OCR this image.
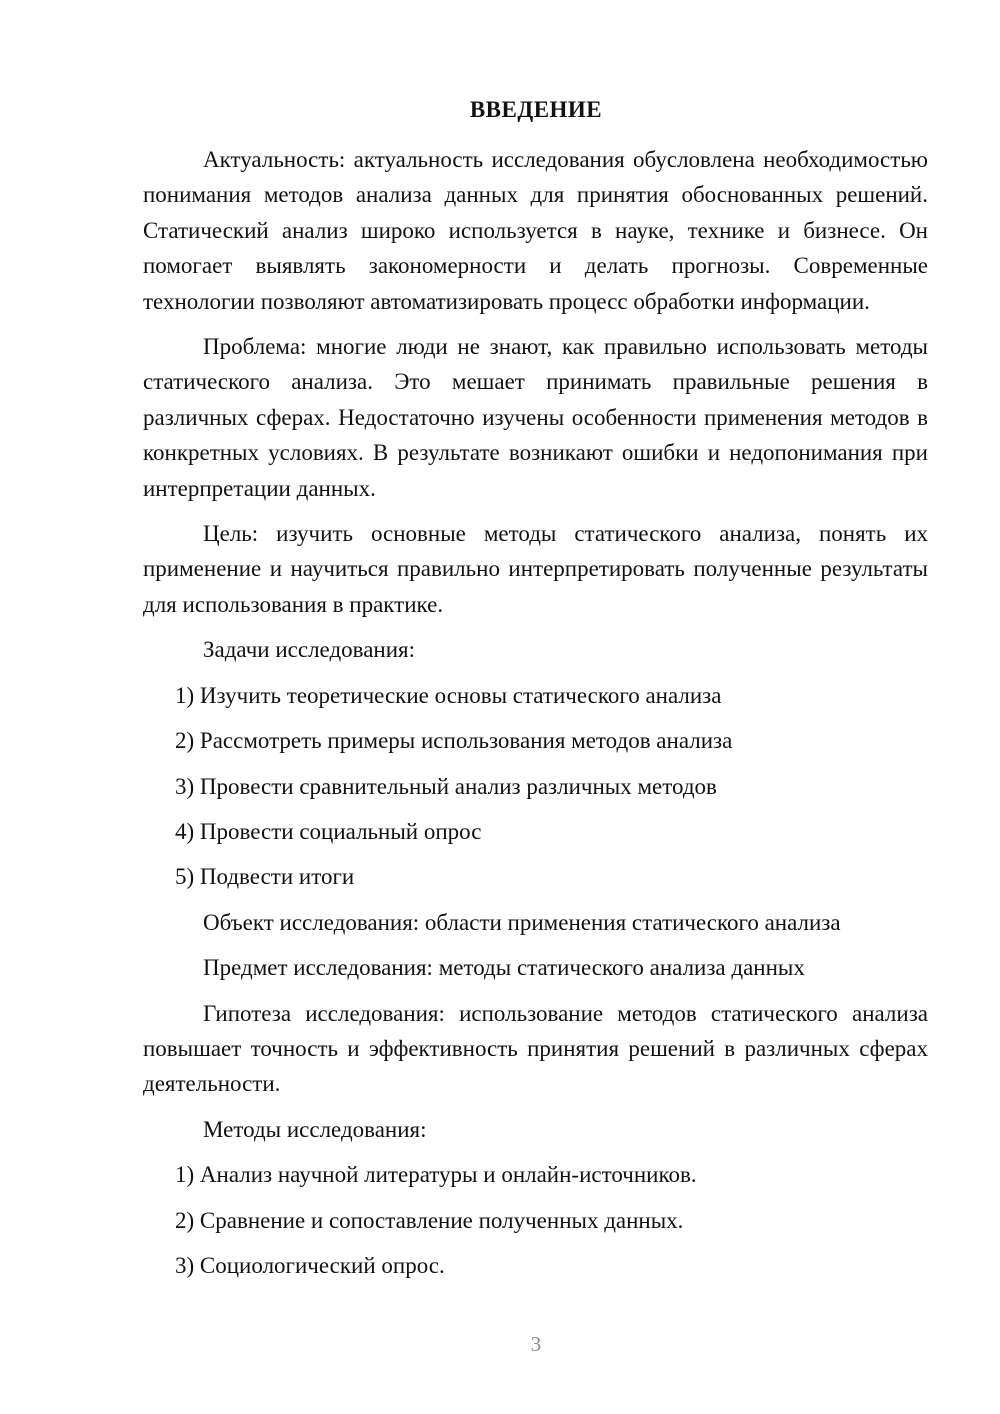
ВВЕДЕНИЕ

Актуальность: актуальность исследования обусловлена необходимостью понимания методов анализа данных для принятия обоснованных решений. Статический анализ широко используется в науке, технике и бизнесе. Он помогает выявлять закономерности и делать прогнозы. Современные технологии позволяют автоматизировать процесс обработки информации.

Проблема: многие люди не знают, как правильно использовать методы статического анализа. Это мешает принимать правильные решения в различных сферах. Недостаточно изучены особенности применения методов в конкретных условиях. В результате возникают ошибки и недопонимания при интерпретации данных.

Цель: изучить основные методы статического анализа, понять их применение и научиться правильно интерпретировать полученные результаты для использования в практике.

Задачи исследования:

1) Изучить теоретические основы статического анализа

2) Рассмотреть примеры использования методов анализа

3) Провести сравнительный анализ различных методов

4) Провести социальный опрос

5) Подвести итоги

Объект исследования: области применения статического анализа

Предмет исследования: методы статического анализа данных

Гипотеза исследования: использование методов статического анализа повышает точность и эффективность принятия решений в различных сферах деятельности.

Методы исследования:

1) Анализ научной литературы и онлайн-источников.

2) Сравнение и сопоставление полученных данных.

3) Социологический опрос.

3
